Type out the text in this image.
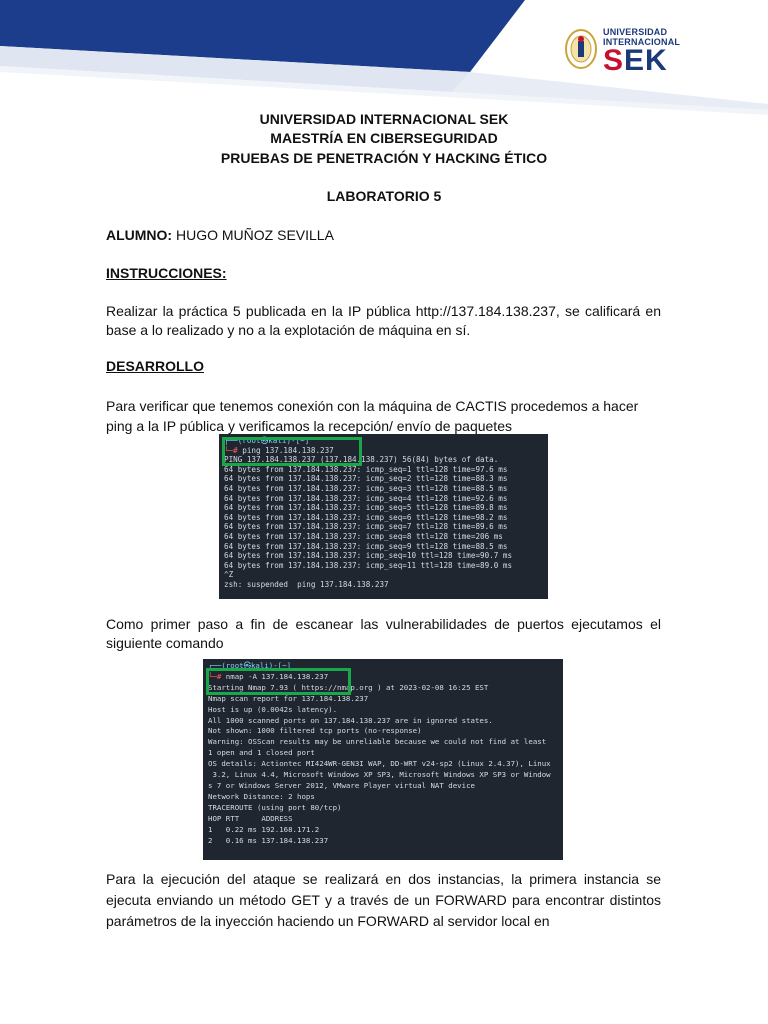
UNIVERSIDAD
INTERNACIONAL
SEK
UNIVERSIDAD INTERNACIONAL SEK
MAESTRÍA EN CIBERSEGURIDAD
PRUEBAS DE PENETRACIÓN Y HACKING ÉTICO
LABORATORIO 5
ALUMNO: HUGO MUÑOZ SEVILLA
INSTRUCCIONES:
Realizar la práctica 5 publicada en la IP pública http://137.184.138.237, se calificará en base a lo realizado y no a la explotación de máquina en sí.
DESARROLLO
Para verificar que tenemos conexión con la máquina de CACTIS procedemos a hacer ping a la IP pública y verificamos la recepción/ envío de paquetes
┌──(root㉿kali)-[~]
└─# ping 137.184.138.237
PING 137.184.138.237 (137.184.138.237) 56(84) bytes of data.
64 bytes from 137.184.138.237: icmp_seq=1 ttl=128 time=97.6 ms
64 bytes from 137.184.138.237: icmp_seq=2 ttl=128 time=88.3 ms
64 bytes from 137.184.138.237: icmp_seq=3 ttl=128 time=88.5 ms
64 bytes from 137.184.138.237: icmp_seq=4 ttl=128 time=92.6 ms
64 bytes from 137.184.138.237: icmp_seq=5 ttl=128 time=89.8 ms
64 bytes from 137.184.138.237: icmp_seq=6 ttl=128 time=98.2 ms
64 bytes from 137.184.138.237: icmp_seq=7 ttl=128 time=89.6 ms
64 bytes from 137.184.138.237: icmp_seq=8 ttl=128 time=206 ms
64 bytes from 137.184.138.237: icmp_seq=9 ttl=128 time=88.5 ms
64 bytes from 137.184.138.237: icmp_seq=10 ttl=128 time=90.7 ms
64 bytes from 137.184.138.237: icmp_seq=11 ttl=128 time=89.0 ms
^Z
zsh: suspended  ping 137.184.138.237
Como primer paso a fin de escanear las vulnerabilidades de puertos ejecutamos el siguiente comando
┌──(root㉿kali)-[~]
└─# nmap -A 137.184.138.237
Starting Nmap 7.93 ( https://nmap.org ) at 2023-02-08 16:25 EST
Nmap scan report for 137.184.138.237
Host is up (0.0042s latency).
All 1000 scanned ports on 137.184.138.237 are in ignored states.
Not shown: 1000 filtered tcp ports (no-response)
Warning: OSScan results may be unreliable because we could not find at least
1 open and 1 closed port
OS details: Actiontec MI424WR-GEN3I WAP, DD-WRT v24-sp2 (Linux 2.4.37), Linux
3.2, Linux 4.4, Microsoft Windows XP SP3, Microsoft Windows XP SP3 or Window
s 7 or Windows Server 2012, VMware Player virtual NAT device
Network Distance: 2 hops
TRACEROUTE (using port 80/tcp)
HOP RTT     ADDRESS
1   0.22 ms 192.168.171.2
2   0.16 ms 137.184.138.237
Para la ejecución del ataque se realizará en dos instancias, la primera instancia se ejecuta enviando un método GET y a través de un FORWARD para encontrar distintos parámetros de la inyección haciendo un FORWARD al servidor local en
